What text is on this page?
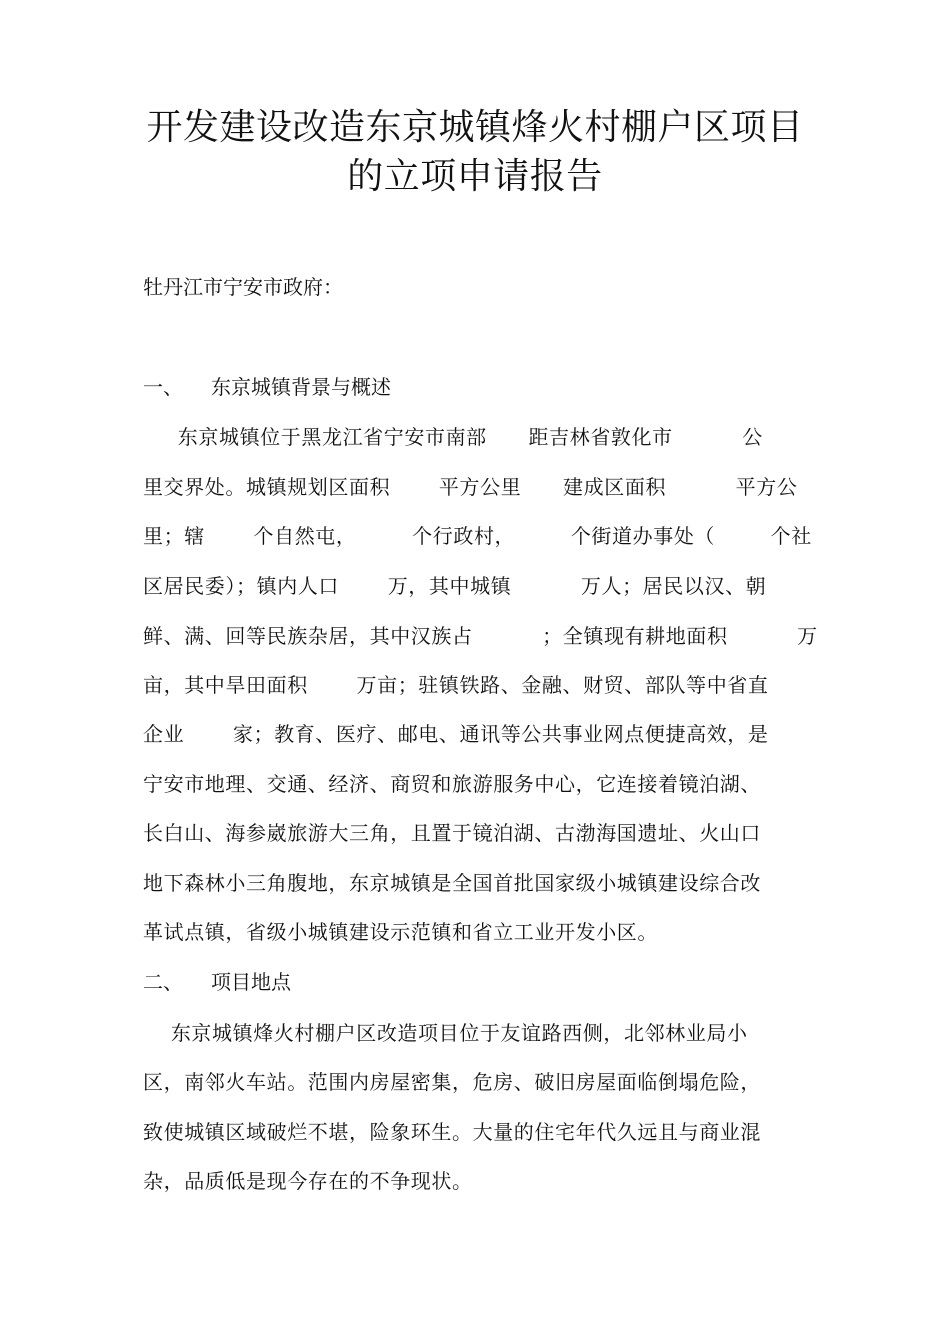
开发建设改造东京城镇烽火村棚户区项目
的立项申请报告
牡丹江市宁安市政府：
一、 东京城镇背景与概述
东京城镇位于黑龙江省宁安市南部      距吉林省敦化市          公
里交界处。城镇规划区面积       平方公里      建成区面积          平方公
里；辖       个自然屯，        个行政村，        个街道办事处（        个社
区居民委）；镇内人口       万，其中城镇          万人；居民以汉、朝
鲜、满、回等民族杂居，其中汉族占          ；全镇现有耕地面积          万
亩，其中旱田面积       万亩；驻镇铁路、金融、财贸、部队等中省直
企业       家；教育、医疗、邮电、通讯等公共事业网点便捷高效，是
宁安市地理、交通、经济、商贸和旅游服务中心，它连接着镜泊湖、
长白山、海参崴旅游大三角，且置于镜泊湖、古渤海国遗址、火山口
地下森林小三角腹地，东京城镇是全国首批国家级小城镇建设综合改
革试点镇，省级小城镇建设示范镇和省立工业开发小区。
二、 项目地点
东京城镇烽火村棚户区改造项目位于友谊路西侧，北邻林业局小
区，南邻火车站。范围内房屋密集，危房、破旧房屋面临倒塌危险，
致使城镇区域破烂不堪，险象环生。大量的住宅年代久远且与商业混
杂，品质低是现今存在的不争现状。
